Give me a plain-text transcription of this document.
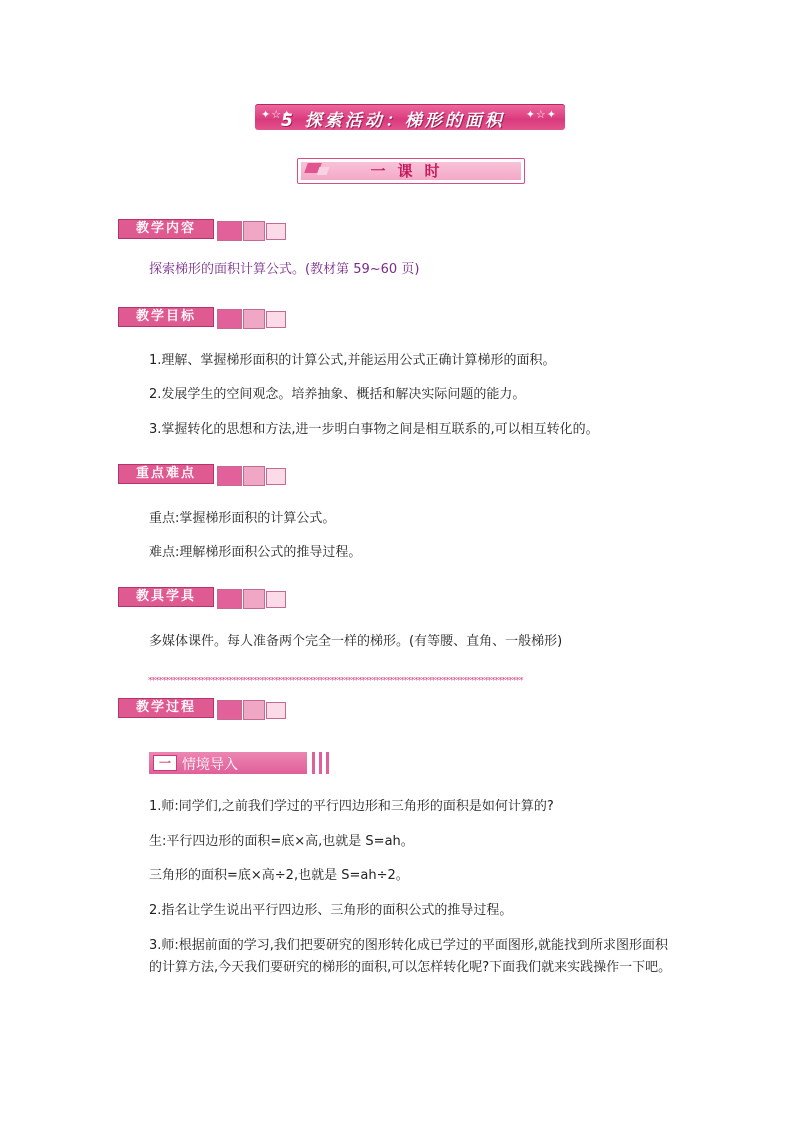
✦☆✦
5 探索活动：梯形的面积	✦☆✦
一课时
教学内容
探索梯形的面积计算公式。(教材第 59~60 页)
教学目标
1.理解、掌握梯形面积的计算公式,并能运用公式正确计算梯形的面积。
2.发展学生的空间观念。培养抽象、概括和解决实际问题的能力。
3.掌握转化的思想和方法,进一步明白事物之间是相互联系的,可以相互转化的。
重点难点
重点:掌握梯形面积的计算公式。
难点:理解梯形面积公式的推导过程。
教具学具
多媒体课件。每人准备两个完全一样的梯形。(有等腰、直角、一般梯形)
***********************************************************************************************************
教学过程
一 情境导入
1.师:同学们,之前我们学过的平行四边形和三角形的面积是如何计算的?
生:平行四边形的面积=底×高,也就是 S=ah。
三角形的面积=底×高÷2,也就是 S=ah÷2。
2.指名让学生说出平行四边形、三角形的面积公式的推导过程。
3.师:根据前面的学习,我们把要研究的图形转化成已学过的平面图形,就能找到所求图形面积的计算方法,今天我们要研究的梯形的面积,可以怎样转化呢?下面我们就来实践操作一下吧。
